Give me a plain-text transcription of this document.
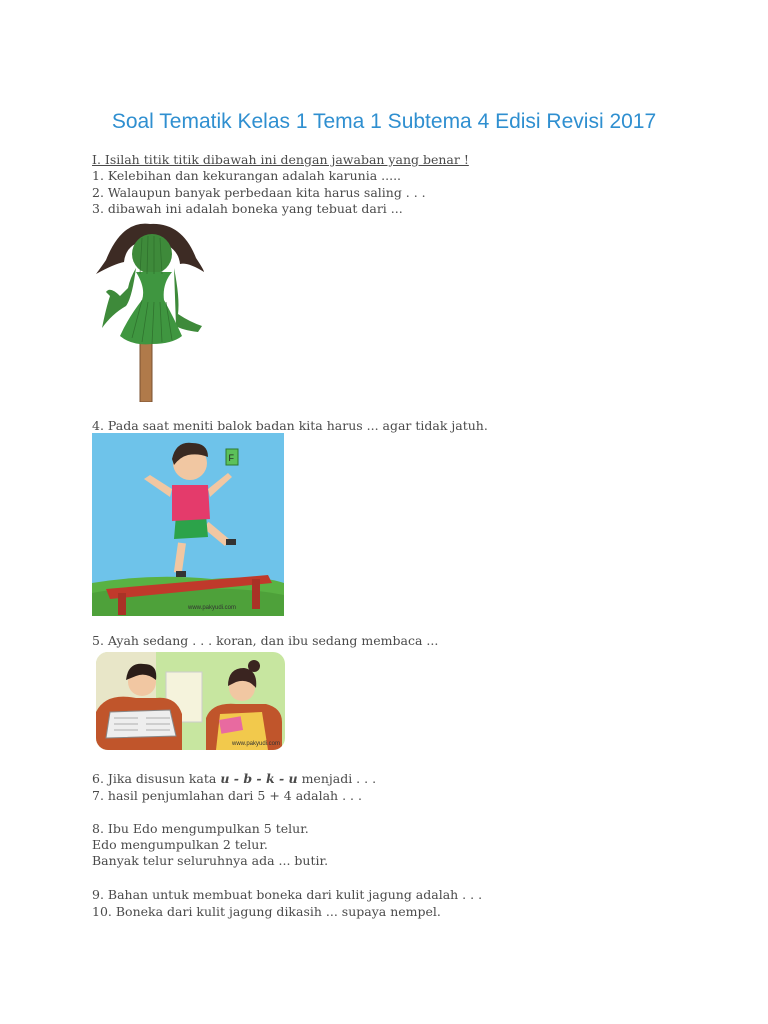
Soal Tematik Kelas 1 Tema 1 Subtema 4 Edisi Revisi 2017
I. Isilah titik titik dibawah ini dengan jawaban yang benar !
1. Kelebihan dan kekurangan adalah karunia .....
2. Walaupun banyak perbedaan kita harus saling . . .
3. dibawah ini adalah boneka yang tebuat dari ...
4. Pada saat meniti balok badan kita harus ... agar tidak jatuh.
F
www.pakyudi.com
5. Ayah sedang . . . koran, dan ibu sedang membaca ...
www.pakyudi.com
6. Jika disusun kata u - b - k - u menjadi . . .
7. hasil penjumlahan dari 5 + 4 adalah . . .
8. Ibu Edo mengumpulkan 5 telur.
Edo mengumpulkan 2 telur.
Banyak telur seluruhnya ada ... butir.
9. Bahan untuk membuat boneka dari kulit jagung adalah . . .
10. Boneka dari kulit jagung dikasih ... supaya nempel.
